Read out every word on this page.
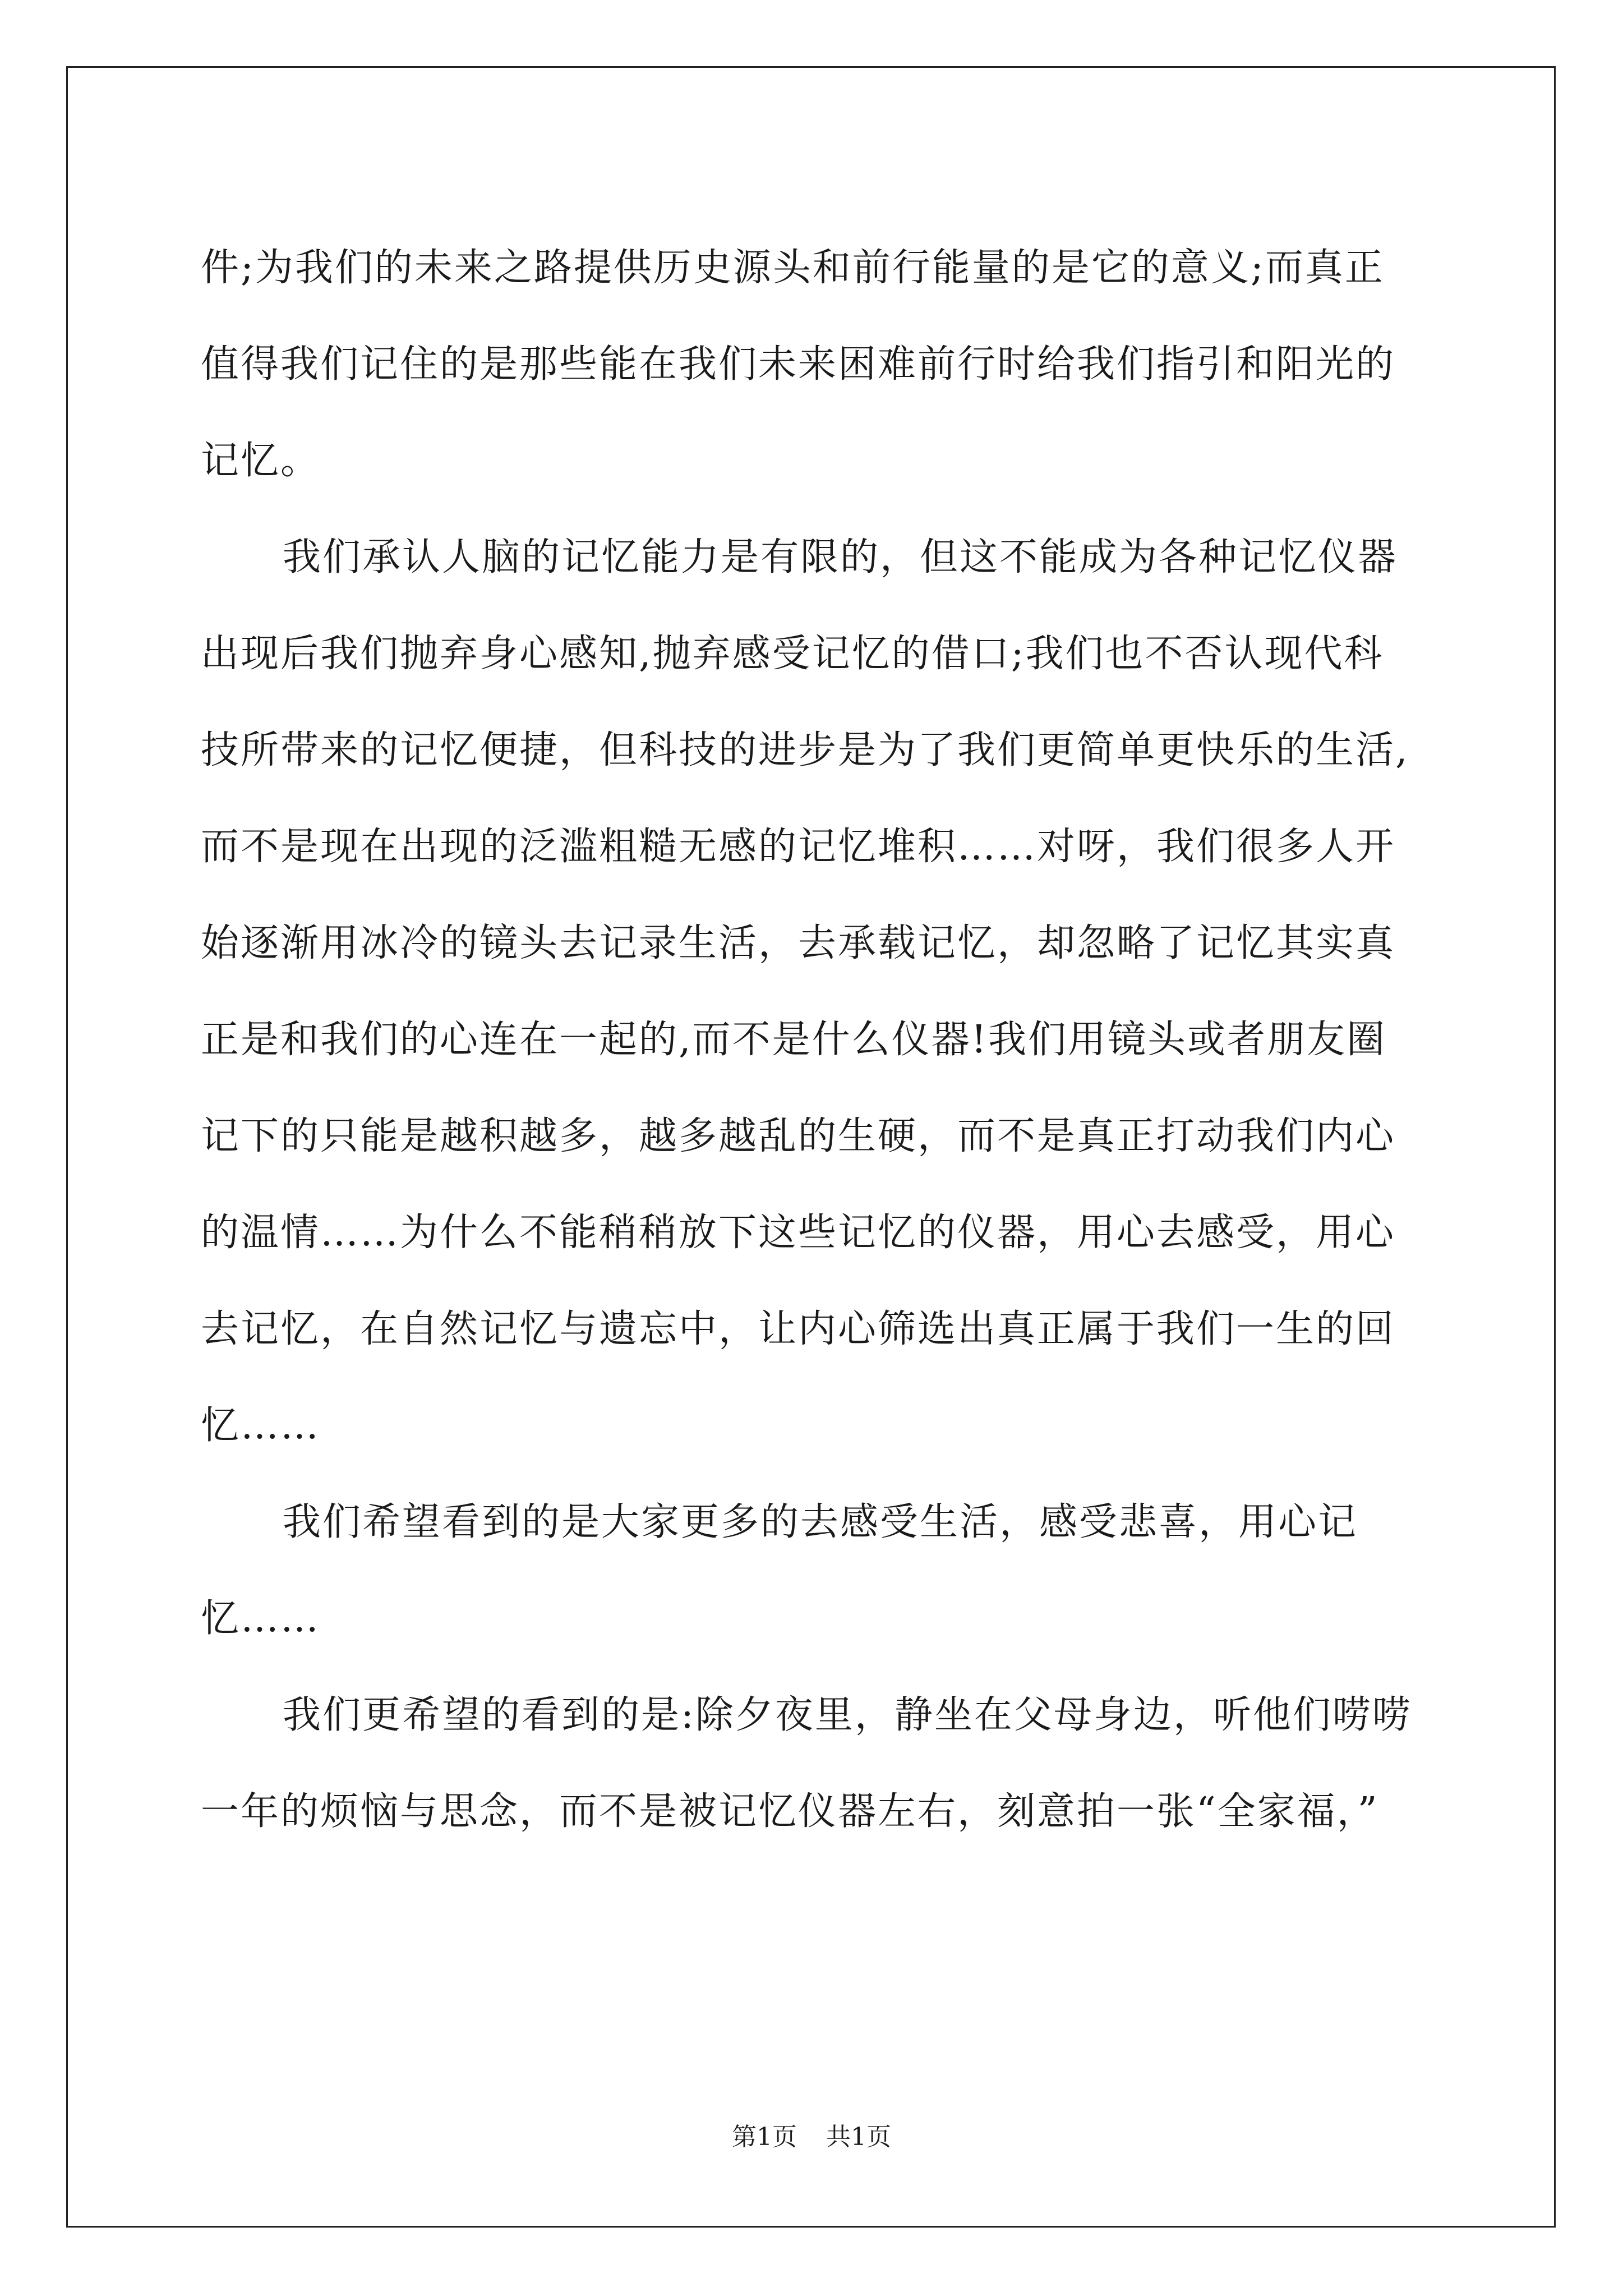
件;为我们的未来之路提供历史源头和前行能量的是它的意义;而真正
值得我们记住的是那些能在我们未来困难前行时给我们指引和阳光的
记忆。
我们承认人脑的记忆能力是有限的，但这不能成为各种记忆仪器
出现后我们抛弃身心感知,抛弃感受记忆的借口;我们也不否认现代科
技所带来的记忆便捷，但科技的进步是为了我们更简单更快乐的生活,
而不是现在出现的泛滥粗糙无感的记忆堆积……对呀，我们很多人开
始逐渐用冰冷的镜头去记录生活，去承载记忆，却忽略了记忆其实真
正是和我们的心连在一起的,而不是什么仪器!我们用镜头或者朋友圈
记下的只能是越积越多，越多越乱的生硬，而不是真正打动我们内心
的温情……为什么不能稍稍放下这些记忆的仪器，用心去感受，用心
去记忆，在自然记忆与遗忘中，让内心筛选出真正属于我们一生的回
忆……
我们希望看到的是大家更多的去感受生活，感受悲喜，用心记
忆……
我们更希望的看到的是:除夕夜里，静坐在父母身边，听他们唠唠
一年的烦恼与思念，而不是被记忆仪器左右，刻意拍一张“全家福，”
第1页 共1页
